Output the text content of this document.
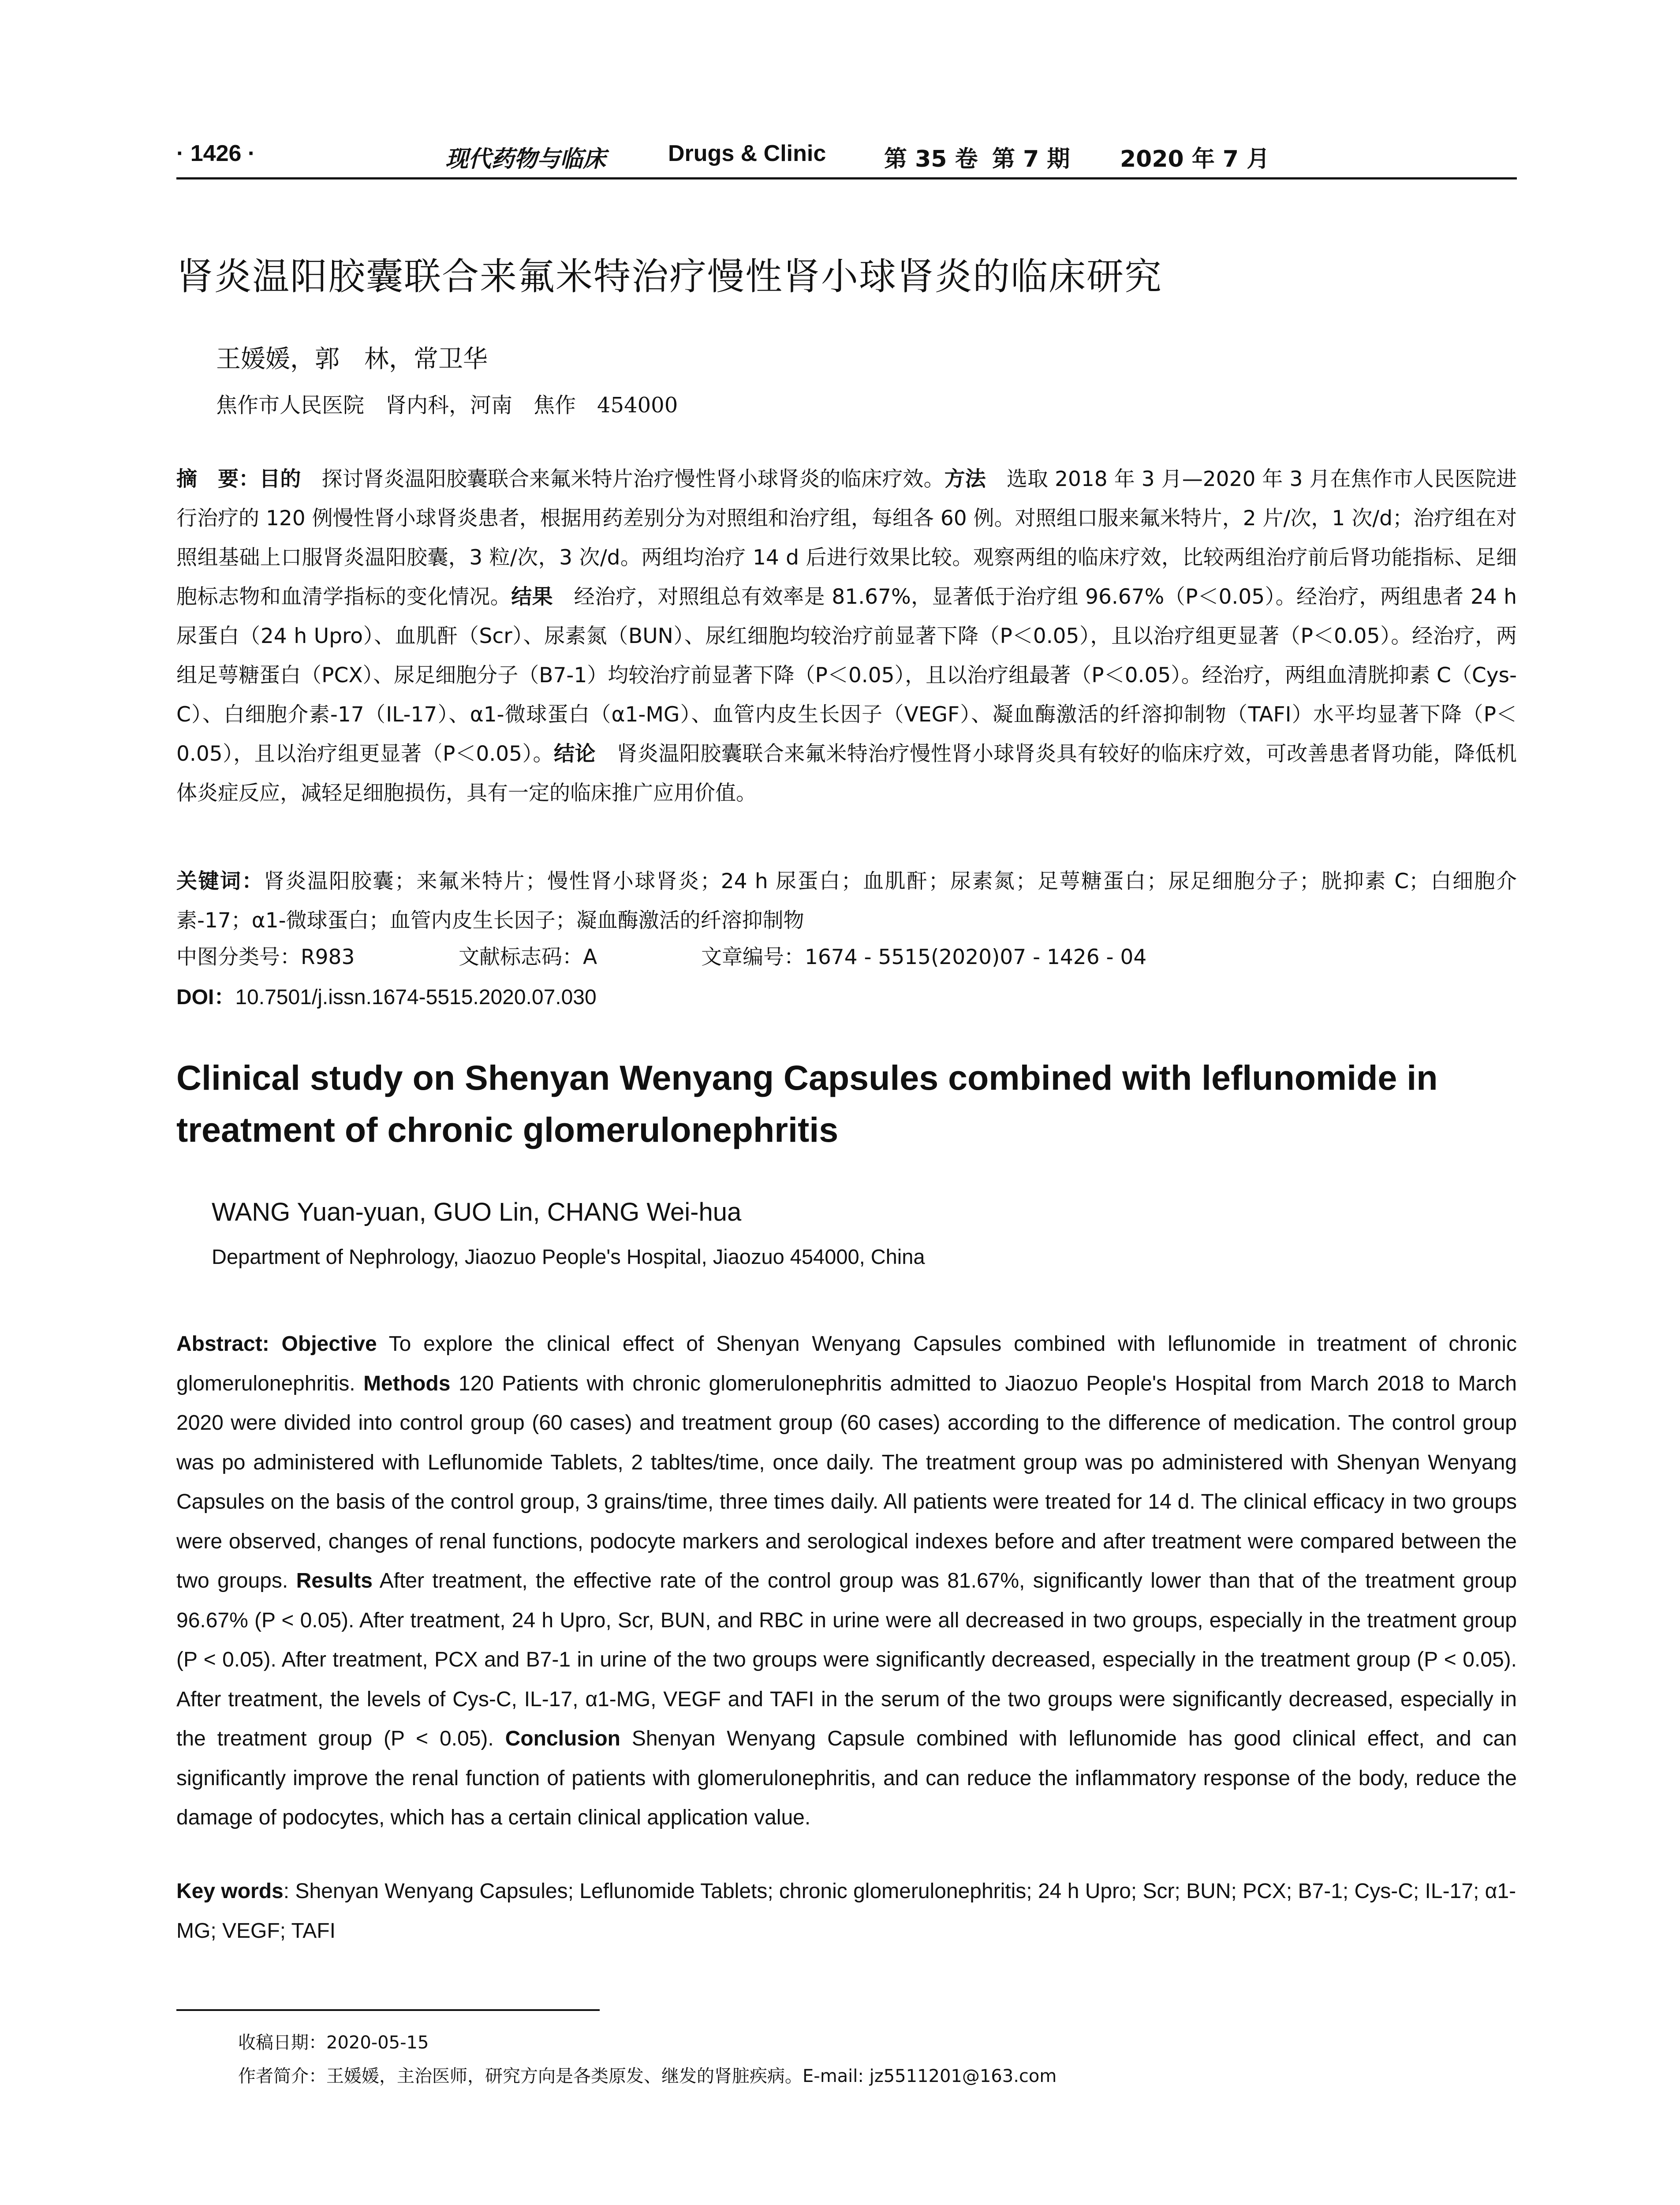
· 1426 ·	现代药物与临床	Drugs & Clinic	第 35 卷 第 7 期 2020 年 7 月
肾炎温阳胶囊联合来氟米特治疗慢性肾小球肾炎的临床研究
王媛媛，郭　林，常卫华
焦作市人民医院　肾内科，河南　焦作　454000
摘　要：目的　探讨肾炎温阳胶囊联合来氟米特片治疗慢性肾小球肾炎的临床疗效。方法　选取 2018 年 3 月—2020 年 3 月在焦作市人民医院进行治疗的 120 例慢性肾小球肾炎患者，根据用药差别分为对照组和治疗组，每组各 60 例。对照组口服来氟米特片，2 片/次，1 次/d；治疗组在对照组基础上口服肾炎温阳胶囊，3 粒/次，3 次/d。两组均治疗 14 d 后进行效果比较。观察两组的临床疗效，比较两组治疗前后肾功能指标、足细胞标志物和血清学指标的变化情况。结果　经治疗，对照组总有效率是 81.67%，显著低于治疗组 96.67%（P＜0.05）。经治疗，两组患者 24 h 尿蛋白（24 h Upro）、血肌酐（Scr）、尿素氮（BUN）、尿红细胞均较治疗前显著下降（P＜0.05），且以治疗组更显著（P＜0.05）。经治疗，两组足萼糖蛋白（PCX）、尿足细胞分子（B7-1）均较治疗前显著下降（P＜0.05），且以治疗组最著（P＜0.05）。经治疗，两组血清胱抑素 C（Cys-C）、白细胞介素-17（IL-17）、α1-微球蛋白（α1-MG）、血管内皮生长因子（VEGF）、凝血酶激活的纤溶抑制物（TAFI）水平均显著下降（P＜0.05），且以治疗组更显著（P＜0.05）。结论　肾炎温阳胶囊联合来氟米特治疗慢性肾小球肾炎具有较好的临床疗效，可改善患者肾功能，降低机体炎症反应，减轻足细胞损伤，具有一定的临床推广应用价值。
关键词：肾炎温阳胶囊；来氟米特片；慢性肾小球肾炎；24 h 尿蛋白；血肌酐；尿素氮；足萼糖蛋白；尿足细胞分子；胱抑素 C；白细胞介素-17；α1-微球蛋白；血管内皮生长因子；凝血酶激活的纤溶抑制物
中图分类号：R983	文献标志码：A	文章编号：1674 - 5515(2020)07 - 1426 - 04
DOI：10.7501/j.issn.1674-5515.2020.07.030
Clinical study on Shenyan Wenyang Capsules combined with leflunomide in treatment of chronic glomerulonephritis
WANG Yuan-yuan, GUO Lin, CHANG Wei-hua
Department of Nephrology, Jiaozuo People's Hospital, Jiaozuo 454000, China
Abstract: Objective To explore the clinical effect of Shenyan Wenyang Capsules combined with leflunomide in treatment of chronic glomerulonephritis. Methods 120 Patients with chronic glomerulonephritis admitted to Jiaozuo People's Hospital from March 2018 to March 2020 were divided into control group (60 cases) and treatment group (60 cases) according to the difference of medication. The control group was po administered with Leflunomide Tablets, 2 tabltes/time, once daily. The treatment group was po administered with Shenyan Wenyang Capsules on the basis of the control group, 3 grains/time, three times daily. All patients were treated for 14 d. The clinical efficacy in two groups were observed, changes of renal functions, podocyte markers and serological indexes before and after treatment were compared between the two groups. Results After treatment, the effective rate of the control group was 81.67%, significantly lower than that of the treatment group 96.67% (P < 0.05). After treatment, 24 h Upro, Scr, BUN, and RBC in urine were all decreased in two groups, especially in the treatment group (P < 0.05). After treatment, PCX and B7-1 in urine of the two groups were significantly decreased, especially in the treatment group (P < 0.05). After treatment, the levels of Cys-C, IL-17, α1-MG, VEGF and TAFI in the serum of the two groups were significantly decreased, especially in the treatment group (P < 0.05). Conclusion Shenyan Wenyang Capsule combined with leflunomide has good clinical effect, and can significantly improve the renal function of patients with glomerulonephritis, and can reduce the inflammatory response of the body, reduce the damage of podocytes, which has a certain clinical application value.
Key words: Shenyan Wenyang Capsules; Leflunomide Tablets; chronic glomerulonephritis; 24 h Upro; Scr; BUN; PCX; B7-1; Cys-C; IL-17; α1-MG; VEGF; TAFI
收稿日期：2020-05-15
作者简介：王媛媛，主治医师，研究方向是各类原发、继发的肾脏疾病。E-mail: jz5511201@163.com
